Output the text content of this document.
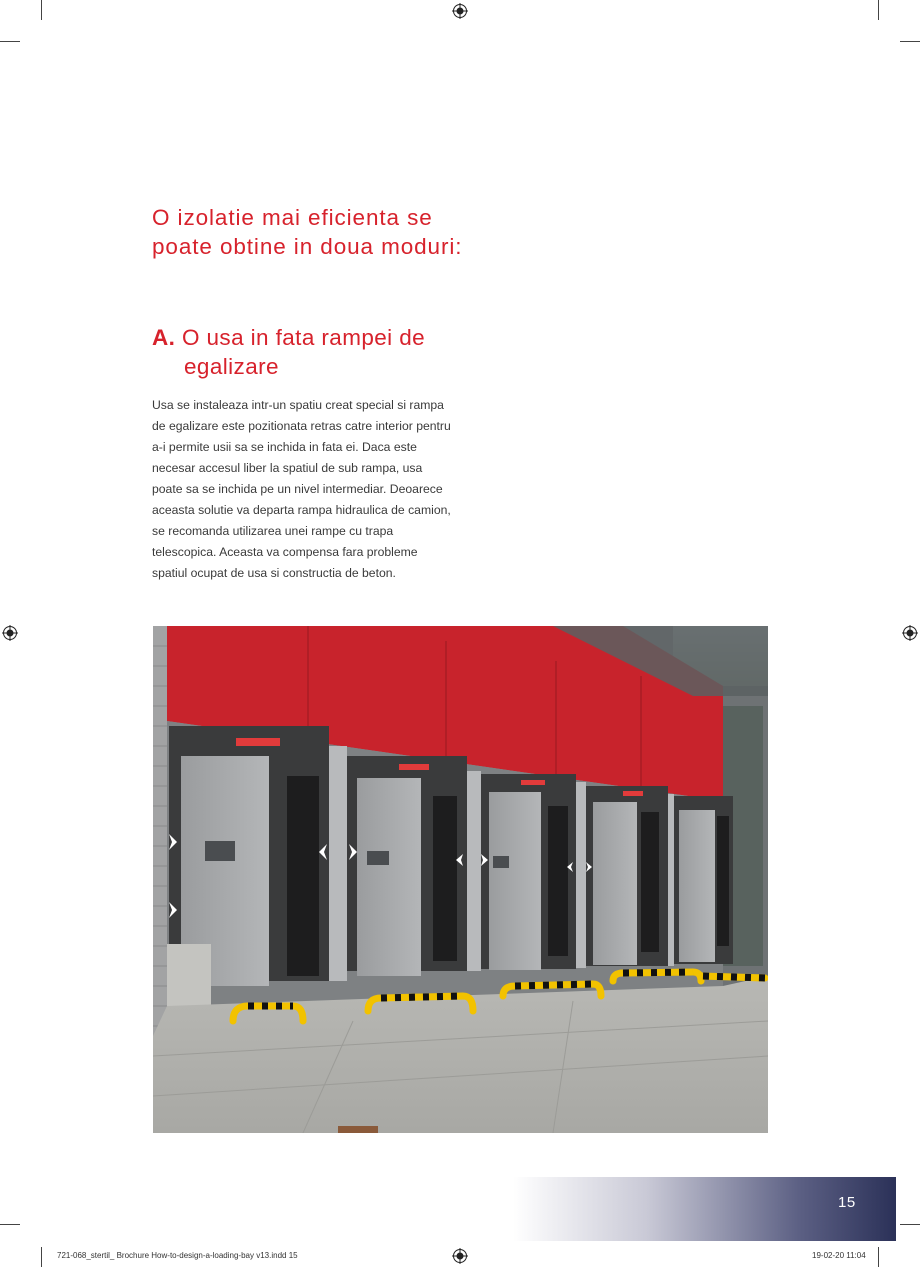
O izolatie mai eficienta se
poate obtine in doua moduri:
A. O usa in fata rampei de
egalizare

Usa se instaleaza intr-un spatiu creat special si rampa
de egalizare este pozitionata retras catre interior pentru
a-i permite usii sa se inchida in fata ei. Daca este
necesar accesul liber la spatiul de sub rampa, usa
poate sa se inchida pe un nivel intermediar. Deoarece
aceasta solutie va departa rampa hidraulica de camion,
se recomanda utilizarea unei rampe cu trapa
telescopica. Aceasta va compensa fara probleme
spatiul ocupat de usa si constructia de beton.

15
721-068_stertil_ Brochure How-to-design-a-loading-bay v13.indd 15	19-02-20 11:04
